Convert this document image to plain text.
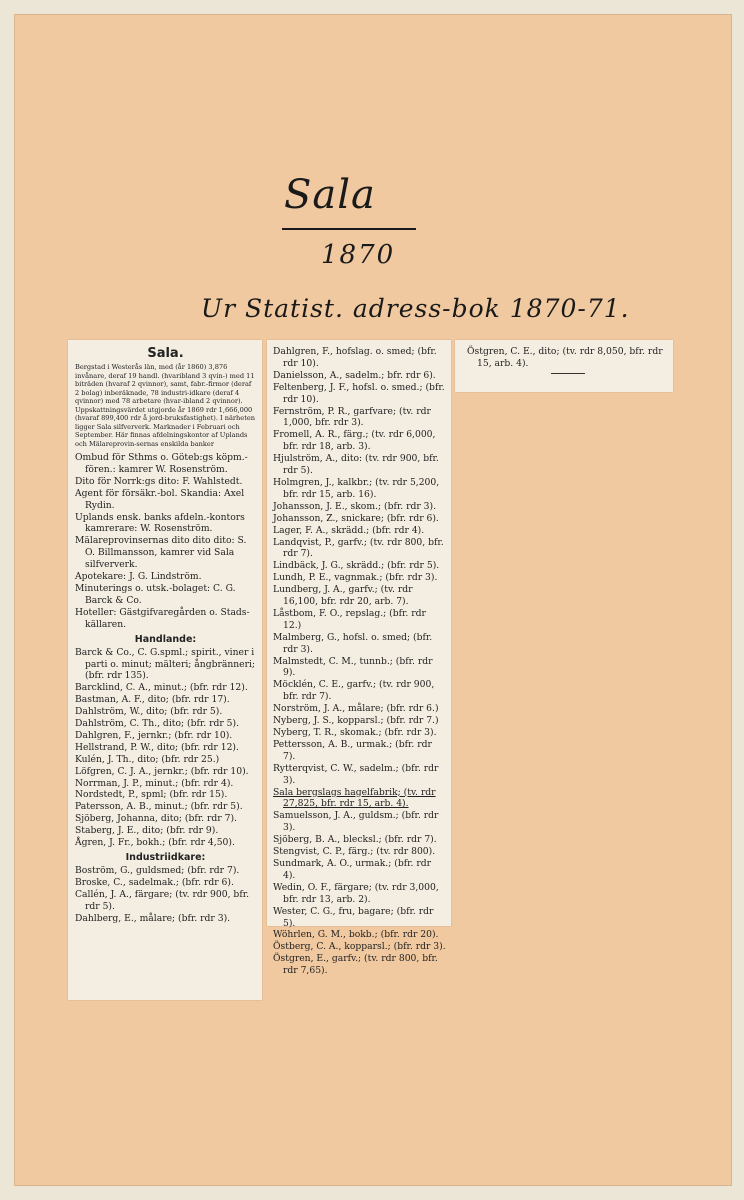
Sala
1870
Ur Statist. adress-bok 1870-71.
Sala.
Bergstad i Westerås län, med (år 1860) 3,876 invånare, deraf 19 handl. (hvaribland 3 qvin-) med 11 biträden (hvaraf 2 qvinnor), samt, fabr.-firmor (deraf 2 bolag) inberäknade, 78 industri-idkare (deraf 4 qvinnor) med 78 arbetare (hvar-ibland 2 qvinnor). Uppskattningsvärdet utgjorde år 1869 rdr 1,666,000 (hvaraf 899,400 rdr å jord-bruksfastighet). I närheten ligger Sala silfververk. Marknader i Februari och September. Här finnas afdelningskontor af Uplands och Mälareprovin-sernas enskilda banker
Ombud för Sthms o. Göteb:gs köpm.-fören.: kamrer W. Rosenström.
Dito för Norrk:gs dito: F. Wahlstedt.
Agent för försäkr.-bol. Skandia: Axel Rydin.
Uplands ensk. banks afdeln.-kontors kamrerare: W. Rosenström.
Mälareprovinsernas dito dito dito: S. O. Billmansson, kamrer vid Sala silfververk.
Apotekare: J. G. Lindström.
Minuterings o. utsk.-bolaget: C. G. Barck & Co.
Hoteller: Gästgifvaregården o. Stads-källaren.
Handlande:
Barck & Co., C. G.spml.; spirit., viner i parti o. minut; mälteri; ångbränneri; (bfr. rdr 135).
Barcklind, C. A., minut.; (bfr. rdr 12).
Bastman, A. F., dito; (bfr. rdr 17).
Dahlström, W., dito; (bfr. rdr 5).
Dahlström, C. Th., dito; (bfr. rdr 5).
Dahlgren, F., jernkr.; (bfr. rdr 10).
Hellstrand, P. W., dito; (bfr. rdr 12).
Kulén, J. Th., dito; (bfr. rdr 25.)
Löfgren, C. J. A., jernkr.; (bfr. rdr 10).
Norrman, J. P., minut.; (bfr. rdr 4).
Nordstedt, P., spml; (bfr. rdr 15).
Patersson, A. B., minut.; (bfr. rdr 5).
Sjöberg, Johanna, dito; (bfr. rdr 7).
Staberg, J. E., dito; (bfr. rdr 9).
Ågren, J. Fr., bokh.; (bfr. rdr 4,50).
Industriidkare:
Boström, G., guldsmed; (bfr. rdr 7).
Broske, C., sadelmak.; (bfr. rdr 6).
Callén, J. A., färgare; (tv. rdr 900, bfr. rdr 5).
Dahlberg, E., målare; (bfr. rdr 3).
Dahlgren, F., hofslag. o. smed; (bfr. rdr 10).
Danielsson, A., sadelm.; bfr. rdr 6).
Feltenberg, J. F., hofsl. o. smed.; (bfr. rdr 10).
Fernström, P. R., garfvare; (tv. rdr 1,000, bfr. rdr 3).
Fromell, A. R., färg.; (tv. rdr 6,000, bfr. rdr 18, arb. 3).
Hjulström, A., dito: (tv. rdr 900, bfr. rdr 5).
Holmgren, J., kalkbr.; (tv. rdr 5,200, bfr. rdr 15, arb. 16).
Johansson, J. E., skom.; (bfr. rdr 3).
Johansson, Z., snickare; (bfr. rdr 6).
Lager, F. A., skrädd.; (bfr. rdr 4).
Landqvist, P., garfv.; (tv. rdr 800, bfr. rdr 7).
Lindbäck, J. G., skrädd.; (bfr. rdr 5).
Lundh, P. E., vagnmak.; (bfr. rdr 3).
Lundberg, J. A., garfv.; (tv. rdr 16,100, bfr. rdr 20, arb. 7).
Låstbom, F. O., repslag.; (bfr. rdr 12.)
Malmberg, G., hofsl. o. smed; (bfr. rdr 3).
Malmstedt, C. M., tunnb.; (bfr. rdr 9).
Möcklén, C. E., garfv.; (tv. rdr 900, bfr. rdr 7).
Norström, J. A., målare; (bfr. rdr 6.)
Nyberg, J. S., kopparsl.; (bfr. rdr 7.)
Nyberg, T. R., skomak.; (bfr. rdr 3).
Pettersson, A. B., urmak.; (bfr. rdr 7).
Rytterqvist, C. W., sadelm.; (bfr. rdr 3).
Sala bergslags hagelfabrik; (tv. rdr 27,825, bfr. rdr 15, arb. 4).
Samuelsson, J. A., guldsm.; (bfr. rdr 3).
Sjöberg, B. A., blecksl.; (bfr. rdr 7).
Stengvist, C. P., färg.; (tv. rdr 800).
Sundmark, A. O., urmak.; (bfr. rdr 4).
Wedin, O. F., färgare; (tv. rdr 3,000, bfr. rdr 13, arb. 2).
Wester, C. G., fru, bagare; (bfr. rdr 5).
Wöhrlen, G. M., bokb.; (bfr. rdr 20).
Östberg, C. A., kopparsl.; (bfr. rdr 3).
Östgren, E., garfv.; (tv. rdr 800, bfr. rdr 7,65).
Östgren, C. E., dito; (tv. rdr 8,050, bfr. rdr 15, arb. 4).
